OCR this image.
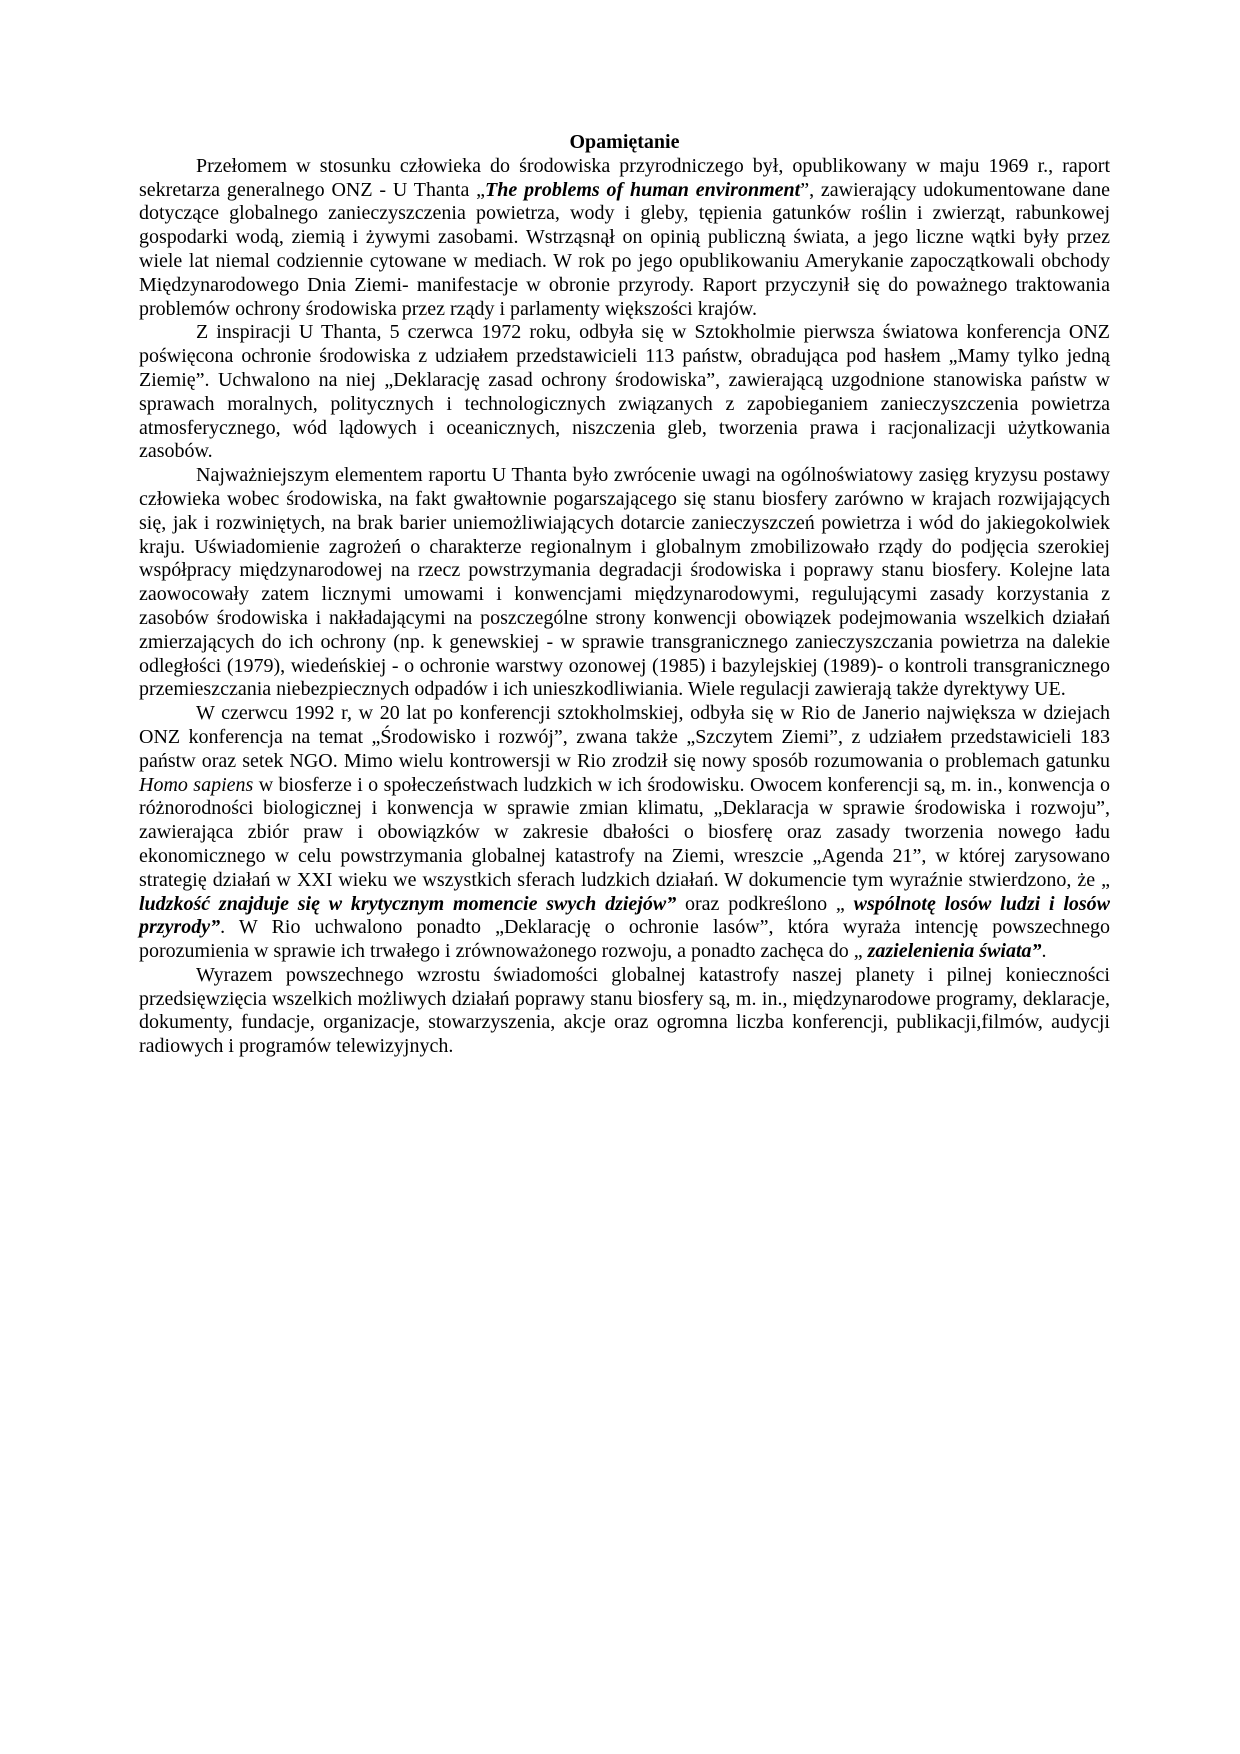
Opamiętanie

Przełomem w stosunku człowieka do środowiska przyrodniczego był, opublikowany w maju 1969 r., raport sekretarza generalnego ONZ - U Thanta „The problems of human environment”, zawierający udokumentowane dane dotyczące globalnego zanieczyszczenia powietrza, wody i gleby, tępienia gatunków roślin i zwierząt, rabunkowej gospodarki wodą, ziemią i żywymi zasobami. Wstrząsnął on opinią publiczną świata, a jego liczne wątki były przez wiele lat niemal codziennie cytowane w mediach. W rok po jego opublikowaniu Amerykanie zapoczątkowali obchody Międzynarodowego Dnia Ziemi- manifestacje w obronie przyrody. Raport przyczynił się do poważnego traktowania problemów ochrony środowiska przez rządy i parlamenty większości krajów.

Z inspiracji U Thanta, 5 czerwca 1972 roku, odbyła się w Sztokholmie pierwsza światowa konferencja ONZ poświęcona ochronie środowiska z udziałem przedstawicieli 113 państw, obradująca pod hasłem „Mamy tylko jedną Ziemię”. Uchwalono na niej „Deklarację zasad ochrony środowiska”, zawierającą uzgodnione stanowiska państw w sprawach moralnych, politycznych i technologicznych związanych z zapobieganiem zanieczyszczenia powietrza atmosferycznego, wód lądowych i oceanicznych, niszczenia gleb, tworzenia prawa i racjonalizacji użytkowania zasobów.

Najważniejszym elementem raportu U Thanta było zwrócenie uwagi na ogólnoświatowy zasięg kryzysu postawy człowieka wobec środowiska, na fakt gwałtownie pogarszającego się stanu biosfery zarówno w krajach rozwijających się, jak i rozwiniętych, na brak barier uniemożliwiających dotarcie zanieczyszczeń powietrza i wód do jakiegokolwiek kraju. Uświadomienie zagrożeń o charakterze regionalnym i globalnym zmobilizowało rządy do podjęcia szerokiej współpracy międzynarodowej na rzecz powstrzymania degradacji środowiska i poprawy stanu biosfery. Kolejne lata zaowocowały zatem licznymi umowami i konwencjami międzynarodowymi, regulującymi zasady korzystania z zasobów środowiska i nakładającymi na poszczególne strony konwencji obowiązek podejmowania wszelkich działań zmierzających do ich ochrony (np. k genewskiej - w sprawie transgranicznego zanieczyszczania powietrza na dalekie odległości (1979), wiedeńskiej - o ochronie warstwy ozonowej (1985) i bazylejskiej (1989)- o kontroli transgranicznego przemieszczania niebezpiecznych odpadów i ich unieszkodliwiania. Wiele regulacji zawierają także dyrektywy UE.

W czerwcu 1992 r, w 20 lat po konferencji sztokholmskiej, odbyła się w Rio de Janerio największa w dziejach ONZ konferencja na temat „Środowisko i rozwój”, zwana także „Szczytem Ziemi”, z udziałem przedstawicieli 183 państw oraz setek NGO. Mimo wielu kontrowersji w Rio zrodził się nowy sposób rozumowania o problemach gatunku Homo sapiens w biosferze i o społeczeństwach ludzkich w ich środowisku. Owocem konferencji są, m. in., konwencja o różnorodności biologicznej i konwencja w sprawie zmian klimatu, „Deklaracja w sprawie środowiska i rozwoju”, zawierająca zbiór praw i obowiązków w zakresie dbałości o biosferę oraz zasady tworzenia nowego ładu ekonomicznego w celu powstrzymania globalnej katastrofy na Ziemi, wreszcie „Agenda 21”, w której zarysowano strategię działań w XXI wieku we wszystkich sferach ludzkich działań. W dokumencie tym wyraźnie stwierdzono, że „ ludzkość znajduje się w krytycznym momencie swych dziejów” oraz podkreślono „ wspólnotę losów ludzi i losów przyrody”. W Rio uchwalono ponadto „Deklarację o ochronie lasów”, która wyraża intencję powszechnego porozumienia w sprawie ich trwałego i zrównoważonego rozwoju, a ponadto zachęca do „ zazielenienia świata”.

Wyrazem powszechnego wzrostu świadomości globalnej katastrofy naszej planety i pilnej konieczności przedsięwzięcia wszelkich możliwych działań poprawy stanu biosfery są, m. in., międzynarodowe programy, deklaracje, dokumenty, fundacje, organizacje, stowarzyszenia, akcje oraz ogromna liczba konferencji, publikacji,filmów, audycji radiowych i programów telewizyjnych.
